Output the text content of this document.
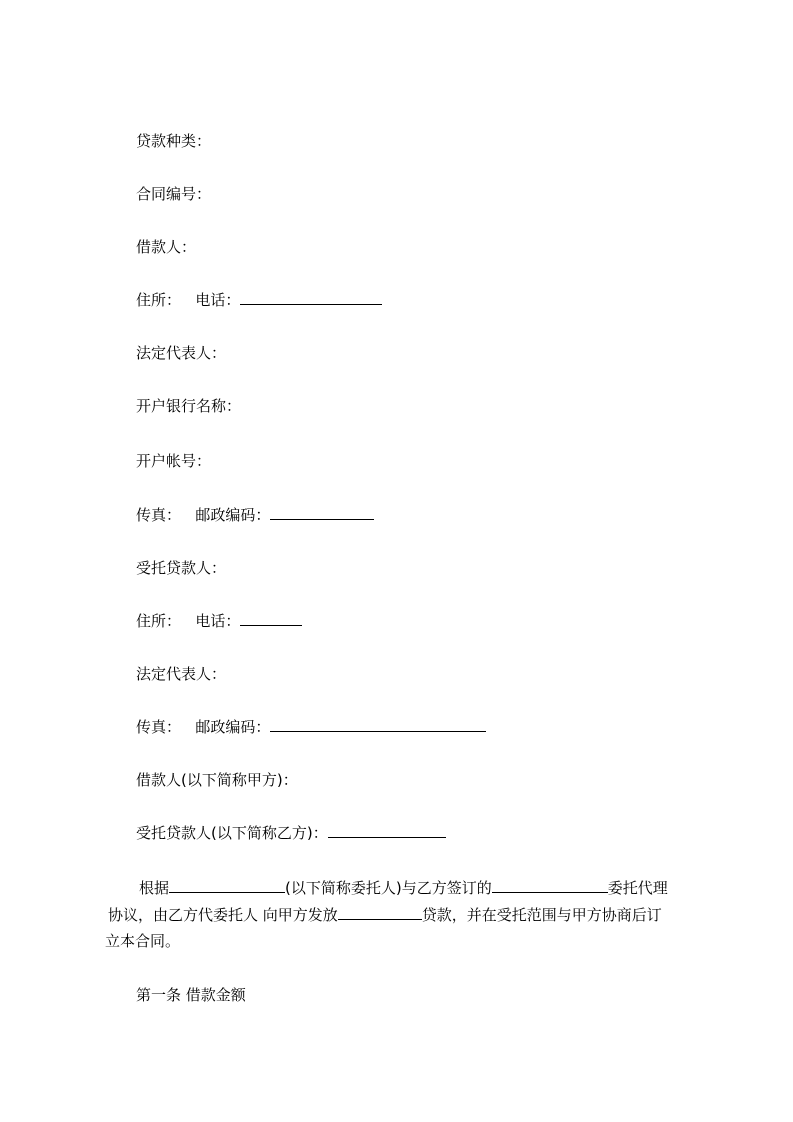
贷款种类：
合同编号：
借款人：
住所： 电话：
法定代表人：
开户银行名称：
开户帐号：
传真： 邮政编码：
受托贷款人：
住所： 电话：
法定代表人：
传真： 邮政编码：
借款人(以下简称甲方)：
受托贷款人(以下简称乙方)：
根据	(以下简称委托人)与乙方签订的	委托代理
协议，由乙方代委托人 向甲方发放	贷款，并在受托范围与甲方协商后订
立本合同。
第一条 借款金额
